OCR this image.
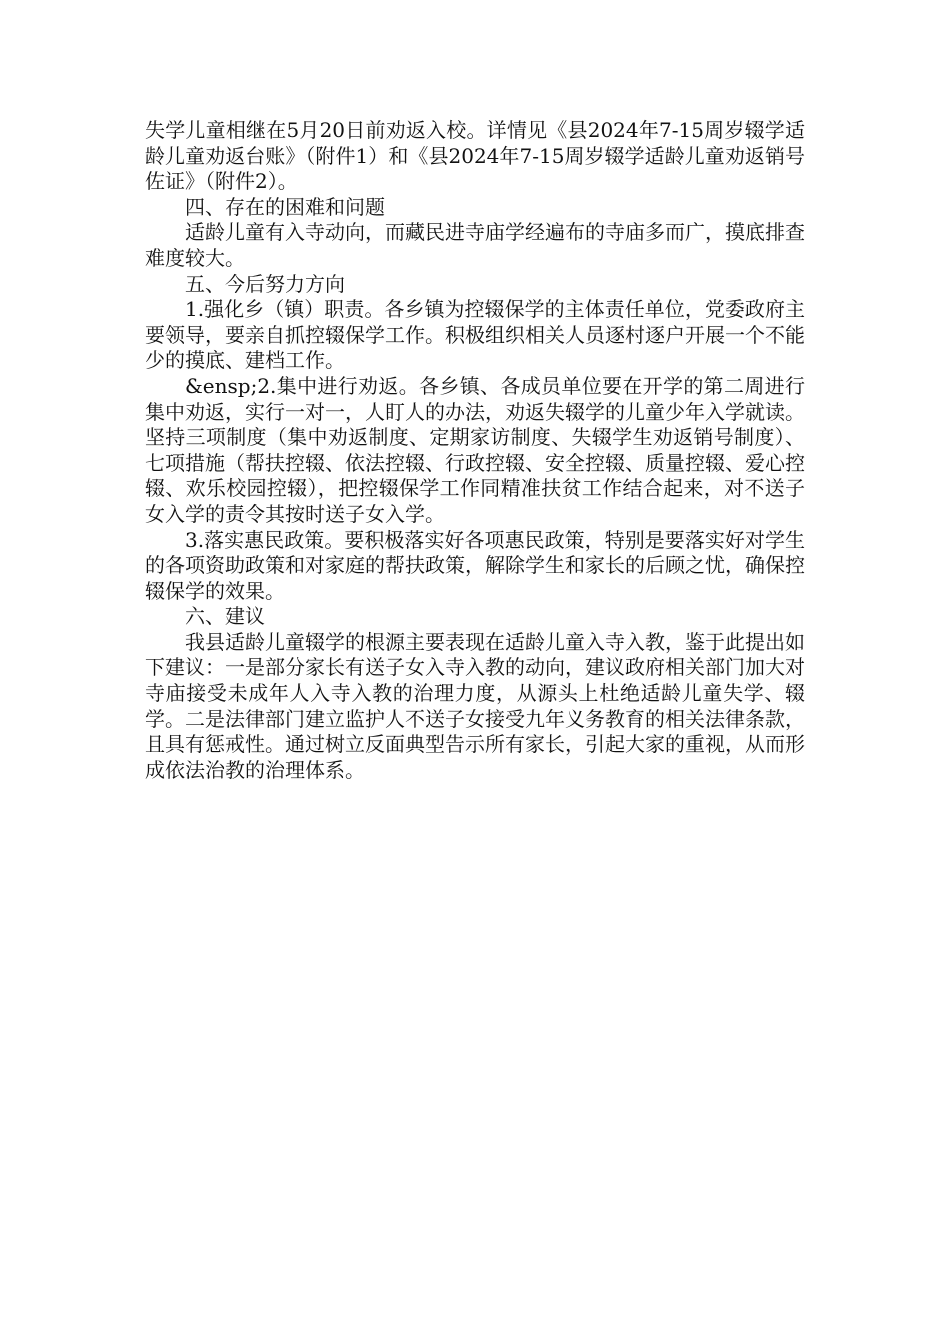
失学儿童相继在5月20日前劝返入校。详情见《县2024年7-15周岁辍学适龄儿童劝返台账》（附件1）和《县2024年7-15周岁辍学适龄儿童劝返销号佐证》（附件2）。

四、存在的困难和问题

适龄儿童有入寺动向，而藏民进寺庙学经遍布的寺庙多而广，摸底排查难度较大。

五、今后努力方向

1.强化乡（镇）职责。各乡镇为控辍保学的主体责任单位，党委政府主要领导，要亲自抓控辍保学工作。积极组织相关人员逐村逐户开展一个不能少的摸底、建档工作。

&ensp;2.集中进行劝返。各乡镇、各成员单位要在开学的第二周进行集中劝返，实行一对一，人盯人的办法，劝返失辍学的儿童少年入学就读。坚持三项制度（集中劝返制度、定期家访制度、失辍学生劝返销号制度）、七项措施（帮扶控辍、依法控辍、行政控辍、安全控辍、质量控辍、爱心控辍、欢乐校园控辍），把控辍保学工作同精准扶贫工作结合起来，对不送子女入学的责令其按时送子女入学。

3.落实惠民政策。要积极落实好各项惠民政策，特别是要落实好对学生的各项资助政策和对家庭的帮扶政策，解除学生和家长的后顾之忧，确保控辍保学的效果。

六、建议

我县适龄儿童辍学的根源主要表现在适龄儿童入寺入教，鉴于此提出如下建议：一是部分家长有送子女入寺入教的动向，建议政府相关部门加大对寺庙接受未成年人入寺入教的治理力度，从源头上杜绝适龄儿童失学、辍学。二是法律部门建立监护人不送子女接受九年义务教育的相关法律条款，且具有惩戒性。通过树立反面典型告示所有家长，引起大家的重视，从而形成依法治教的治理体系。
